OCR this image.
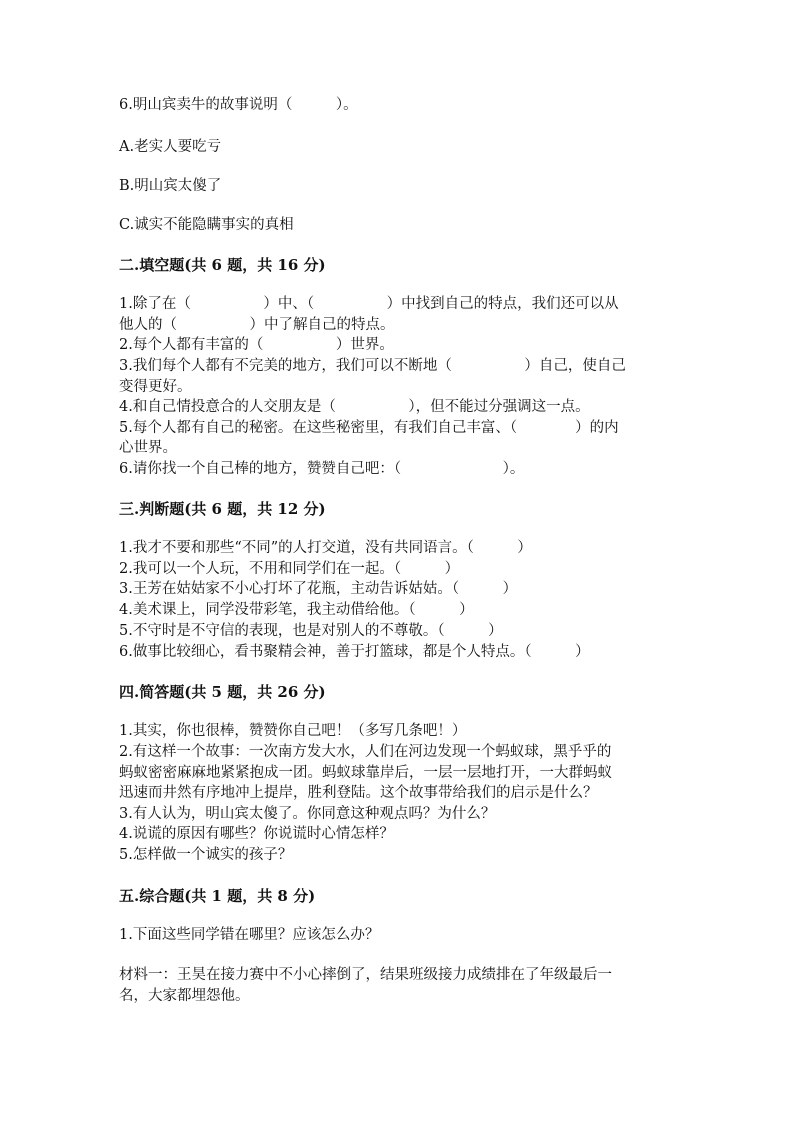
6.明山宾卖牛的故事说明（　　　）。
A.老实人要吃亏
B.明山宾太傻了
C.诚实不能隐瞒事实的真相
二.填空题(共 6 题，共 16 分)
1.除了在（　　　　　）中、（　　　　　）中找到自己的特点，我们还可以从
他人的（　　　　　）中了解自己的特点。
2.每个人都有丰富的（　　　　　）世界。
3.我们每个人都有不完美的地方，我们可以不断地（　　　　　）自己，使自己
变得更好。
4.和自己情投意合的人交朋友是（　　　　　），但不能过分强调这一点。
5.每个人都有自己的秘密。在这些秘密里，有我们自己丰富、（　　　　）的内
心世界。
6.请你找一个自己棒的地方，赞赞自己吧：（　　　　　　　）。
三.判断题(共 6 题，共 12 分)
1.我才不要和那些“不同”的人打交道，没有共同语言。（　　　）
2.我可以一个人玩，不用和同学们在一起。（　　　）
3.王芳在姑姑家不小心打坏了花瓶，主动告诉姑姑。（　　　）
4.美术课上，同学没带彩笔，我主动借给他。（　　　）
5.不守时是不守信的表现，也是对别人的不尊敬。（　　　）
6.做事比较细心，看书聚精会神，善于打篮球，都是个人特点。（　　　）
四.简答题(共 5 题，共 26 分)
1.其实，你也很棒，赞赞你自己吧！（多写几条吧！）
2.有这样一个故事：一次南方发大水，人们在河边发现一个蚂蚁球，黑乎乎的
蚂蚁密密麻麻地紧紧抱成一团。蚂蚁球靠岸后，一层一层地打开，一大群蚂蚁
迅速而井然有序地冲上提岸，胜利登陆。这个故事带给我们的启示是什么？
3.有人认为，明山宾太傻了。你同意这种观点吗？为什么？
4.说谎的原因有哪些？你说谎时心情怎样？
5.怎样做一个诚实的孩子？
五.综合题(共 1 题，共 8 分)
1.下面这些同学错在哪里？应该怎么办？
材料一：王昊在接力赛中不小心摔倒了，结果班级接力成绩排在了年级最后一
名，大家都埋怨他。
